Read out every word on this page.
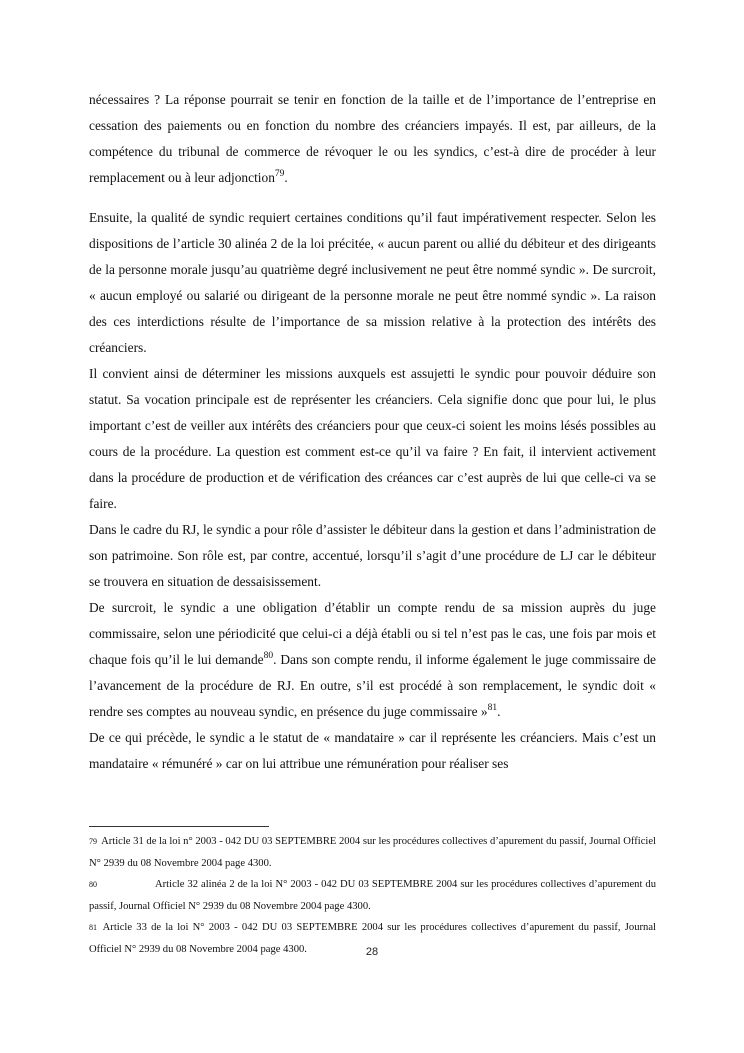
nécessaires ? La réponse pourrait se tenir en fonction de la taille et de l’importance de l’entreprise en cessation des paiements ou en fonction du nombre des créanciers impayés. Il est, par ailleurs, de la compétence du tribunal de commerce de révoquer le ou les syndics, c’est-à dire de procéder à leur remplacement ou à leur adjonction$^{79}$.

Ensuite, la qualité de syndic requiert certaines conditions qu’il faut impérativement respecter. Selon les dispositions de l’article 30 alinéa 2 de la loi précitée, « aucun parent ou allié du débiteur et des dirigeants de la personne morale jusqu’au quatrième degré inclusivement ne peut être nommé syndic ». De surcroit, « aucun employé ou salarié ou dirigeant de la personne morale ne peut être nommé syndic ». La raison des ces interdictions résulte de l’importance de sa mission relative à la protection des intérêts des créanciers.

Il convient ainsi de déterminer les missions auxquels est assujetti le syndic pour pouvoir déduire son statut. Sa vocation principale est de représenter les créanciers. Cela signifie donc que pour lui, le plus important c’est de veiller aux intérêts des créanciers pour que ceux-ci soient les moins lésés possibles au cours de la procédure. La question est comment est-ce qu’il va faire ? En fait, il intervient activement dans la procédure de production et de vérification des créances car c’est auprès de lui que celle-ci va se faire.

Dans le cadre du RJ, le syndic a pour rôle d’assister le débiteur dans la gestion et dans l’administration de son patrimoine. Son rôle est, par contre, accentué, lorsqu’il s’agit d’une procédure de LJ car le débiteur se trouvera en situation de dessaisissement.

De surcroit, le syndic a une obligation d’établir un compte rendu de sa mission auprès du juge commissaire, selon une périodicité que celui-ci a déjà établi ou si tel n’est pas le cas, une fois par mois et chaque fois qu’il le lui demande$^{80}$. Dans son compte rendu, il informe également le juge commissaire de l’avancement de la procédure de RJ. En outre, s’il est procédé à son remplacement, le syndic doit « rendre ses comptes au nouveau syndic, en présence du juge commissaire »$^{81}$.

De ce qui précède, le syndic a le statut de « mandataire » car il représente les créanciers. Mais c’est un mandataire « rémunéré » car on lui attribue une rémunération pour réaliser ses

79 Article 31 de la loi n° 2003 - 042 DU 03 SEPTEMBRE 2004 sur les procédures collectives d’apurement du passif, Journal Officiel N° 2939 du 08 Novembre 2004 page 4300.

80	Article 32 alinéa 2 de la loi N° 2003 - 042 DU 03 SEPTEMBRE 2004 sur les procédures collectives d’apurement du passif, Journal Officiel N° 2939 du 08 Novembre 2004 page 4300.

81 Article 33 de la loi N° 2003 - 042 DU 03 SEPTEMBRE 2004 sur les procédures collectives d’apurement du passif, Journal Officiel N° 2939 du 08 Novembre 2004 page 4300.	28
